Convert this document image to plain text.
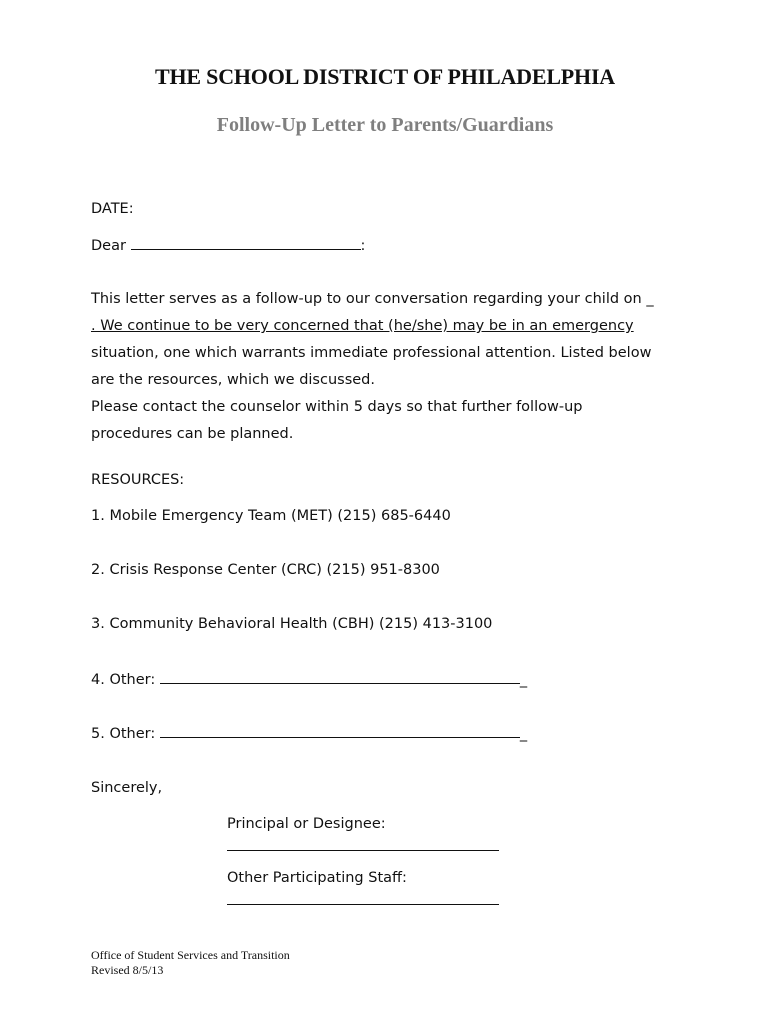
THE SCHOOL DISTRICT OF PHILADELPHIA
Follow-Up Letter to Parents/Guardians
DATE:
Dear	:
This letter serves as a follow-up to our conversation regarding your child on _
. We continue to be very concerned that (he/she) may be in an emergency
situation, one which warrants immediate professional attention. Listed below
are the resources, which we discussed.
Please contact the counselor within 5 days so that further follow-up
procedures can be planned.
RESOURCES:
1. Mobile Emergency Team (MET) (215) 685-6440
2. Crisis Response Center (CRC) (215) 951-8300
3. Community Behavioral Health (CBH) (215) 413-3100
4. Other:	_
5. Other:	_
Sincerely,
Principal or Designee:
Other Participating Staff:
Office of Student Services and Transition
Revised 8/5/13
